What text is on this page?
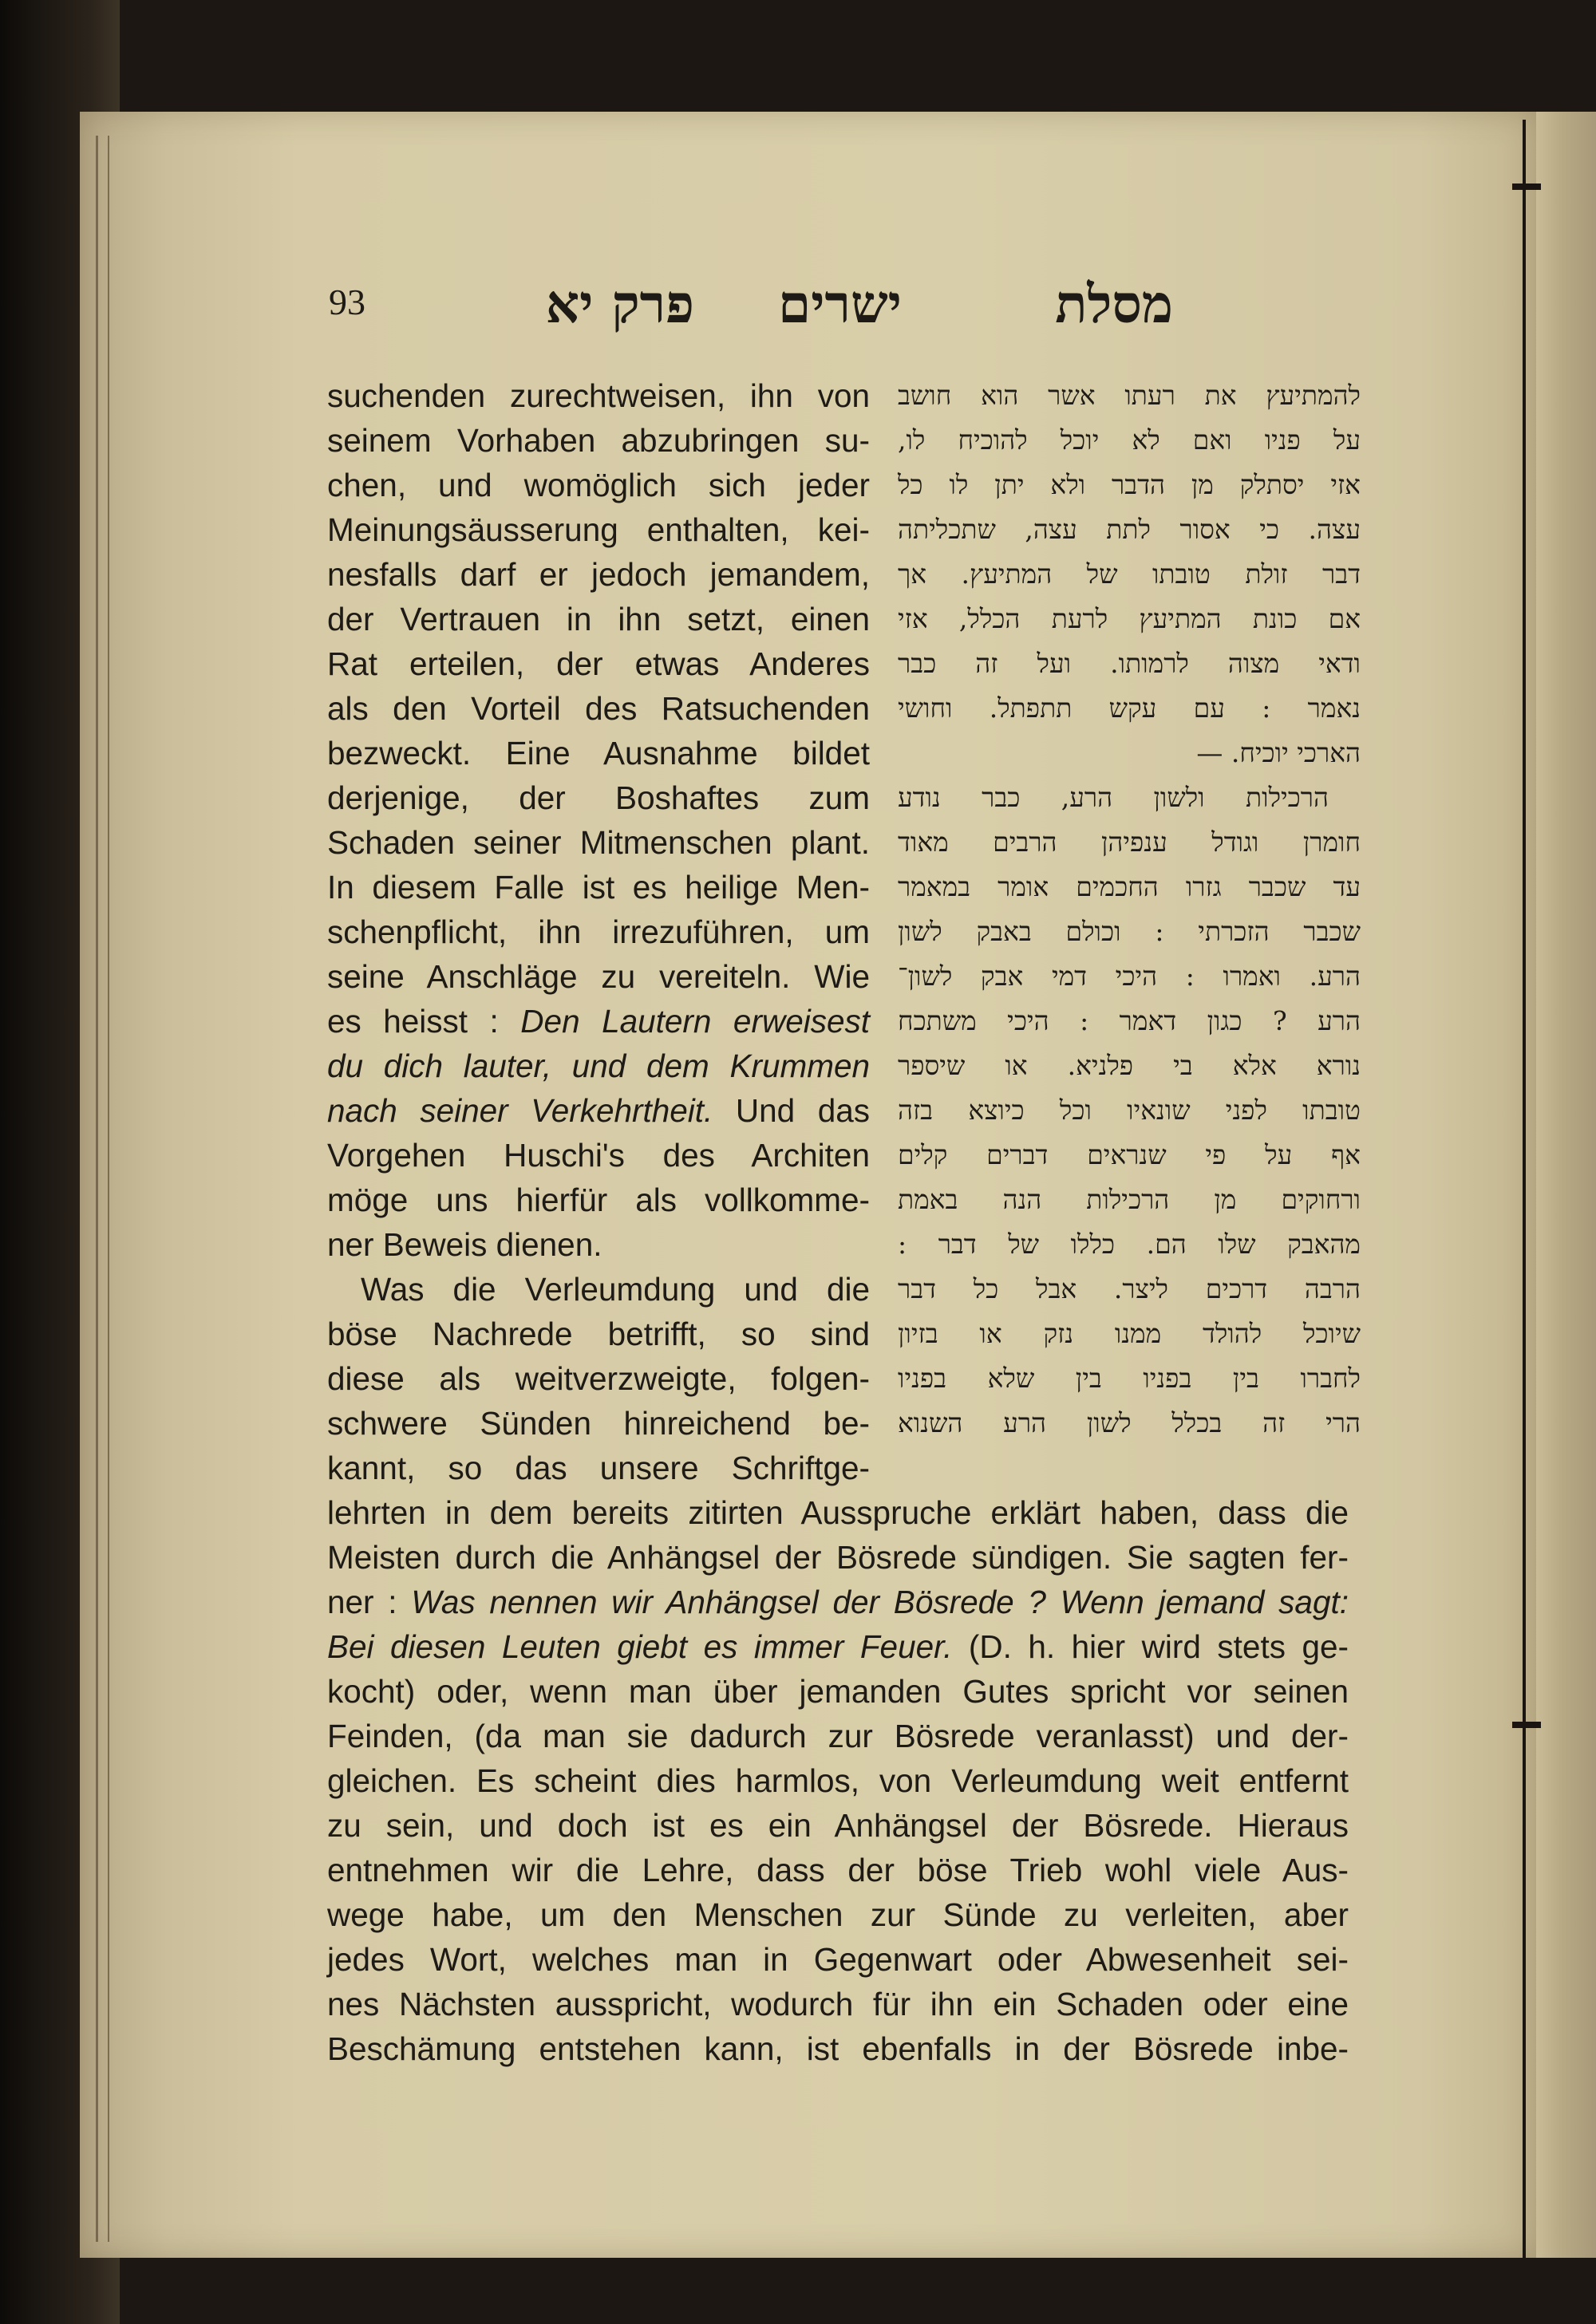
93	מסלת
ישרים
פרק יא
suchenden zurechtweisen, ihn von
seinem Vorhaben abzubringen su-
chen, und womöglich sich jeder
Meinungsäusserung enthalten, kei-
nesfalls darf er jedoch jemandem,
der Vertrauen in ihn setzt, einen
Rat erteilen, der etwas Anderes
als den Vorteil des Ratsuchenden
bezweckt. Eine Ausnahme bildet
derjenige, der Boshaftes zum
Schaden seiner Mitmenschen plant.
In diesem Falle ist es heilige Men-
schenpflicht, ihn irrezuführen, um
seine Anschläge zu vereiteln. Wie
es heisst : Den Lautern erweisest
du dich lauter, und dem Krummen
nach seiner Verkehrtheit. Und das
Vorgehen Huschi's des Architen
möge uns hierfür als vollkomme-
ner Beweis dienen.
Was die Verleumdung und die
böse Nachrede betrifft, so sind
diese als weitverzweigte, folgen-
schwere Sünden hinreichend be-
kannt, so das unsere Schriftge-
להמתיעץ את רעתו אשר הוא חושב
על פניו ואם לא יוכל להוכיח לו,
אזי יסתלק מן הדבר ולא יתן לו כל
עצה. כי אסור לתת עצה, שתכליתה
דבר זולת טובתו של המתיעץ. אך
אם כונת המתיעץ לרעת הכלל, אזי
ודאי מצוה לרמותו. ועל זה כבר
נאמר : עם עקש תתפתל. וחושי
הארכי יוכיח. —
הרכילות ולשון הרע, כבר נודע
חומרן וגודל ענפיהן הרבים מאוד
עד שכבר גזרו החכמים אומר במאמר
שכבר הזכרתי : וכולם באבק לשון
הרע. ואמרו : היכי דמי אבק לשון־
הרע ? כגון דאמר : היכי משתכח
נורא אלא בי פלניא. או שיספר
טובתו לפני שונאיו וכל כיוצא בזה
אף על פי שנראים דברים קלים
ורחוקים מן הרכילות הנה באמת
מהאבק שלו הם. כללו של דבר :
הרבה דרכים ליצר. אבל כל דבר
שיוכל להולד ממנו נזק או בזיון
לחברו בין בפניו בין שלא בפניו
הרי זה בכלל לשון הרע השנוא
lehrten in dem bereits zitirten Ausspruche erklärt haben, dass die
Meisten durch die Anhängsel der Bösrede sündigen. Sie sagten fer-
ner : Was nennen wir Anhängsel der Bösrede ? Wenn jemand sagt:
Bei diesen Leuten giebt es immer Feuer. (D. h. hier wird stets ge-
kocht) oder, wenn man über jemanden Gutes spricht vor seinen
Feinden, (da man sie dadurch zur Bösrede veranlasst) und der-
gleichen. Es scheint dies harmlos, von Verleumdung weit entfernt
zu sein, und doch ist es ein Anhängsel der Bösrede. Hieraus
entnehmen wir die Lehre, dass der böse Trieb wohl viele Aus-
wege habe, um den Menschen zur Sünde zu verleiten, aber
jedes Wort, welches man in Gegenwart oder Abwesenheit sei-
nes Nächsten ausspricht, wodurch für ihn ein Schaden oder eine
Beschämung entstehen kann, ist ebenfalls in der Bösrede inbe-
